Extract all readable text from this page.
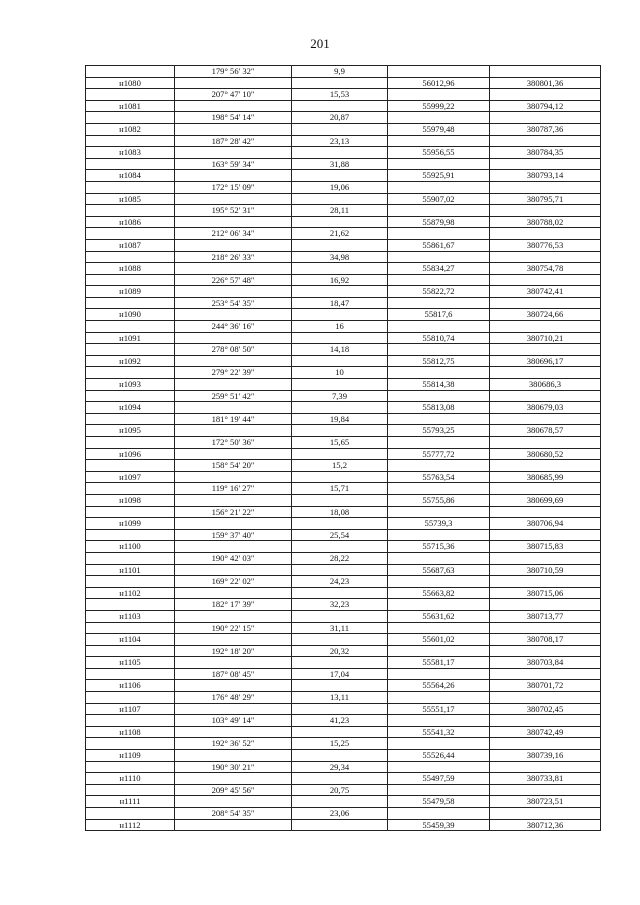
201
	179° 56' 32"	9,9		
н1080			56012,96	380801,36
	207° 47' 10"	15,53		
н1081			55999,22	380794,12
	198° 54' 14"	20,87		
н1082			55979,48	380787,36
	187° 28' 42"	23,13		
н1083			55956,55	380784,35
	163° 59' 34"	31,88		
н1084			55925,91	380793,14
	172° 15' 09"	19,06		
н1085			55907,02	380795,71
	195° 52' 31"	28,11		
н1086			55879,98	380788,02
	212° 06' 34"	21,62		
н1087			55861,67	380776,53
	218° 26' 33"	34,98		
н1088			55834,27	380754,78
	226° 57' 48"	16,92		
н1089			55822,72	380742,41
	253° 54' 35"	18,47		
н1090			55817,6	380724,66
	244° 36' 16"	16		
н1091			55810,74	380710,21
	278° 08' 50"	14,18		
н1092			55812,75	380696,17
	279° 22' 39"	10		
н1093			55814,38	380686,3
	259° 51' 42"	7,39		
н1094			55813,08	380679,03
	181° 19' 44"	19,84		
н1095			55793,25	380678,57
	172° 50' 36"	15,65		
н1096			55777,72	380680,52
	158° 54' 20"	15,2		
н1097			55763,54	380685,99
	119° 16' 27"	15,71		
н1098			55755,86	380699,69
	156° 21' 22"	18,08		
н1099			55739,3	380706,94
	159° 37' 40"	25,54		
н1100			55715,36	380715,83
	190° 42' 03"	28,22		
н1101			55687,63	380710,59
	169° 22' 02"	24,23		
н1102			55663,82	380715,06
	182° 17' 39"	32,23		
н1103			55631,62	380713,77
	190° 22' 15"	31,11		
н1104			55601,02	380708,17
	192° 18' 20"	20,32		
н1105			55581,17	380703,84
	187° 08' 45"	17,04		
н1106			55564,26	380701,72
	176° 48' 29"	13,11		
н1107			55551,17	380702,45
	103° 49' 14"	41,23		
н1108			55541,32	380742,49
	192° 36' 52"	15,25		
н1109			55526,44	380739,16
	190° 30' 21"	29,34		
н1110			55497,59	380733,81
	209° 45' 56"	20,75		
н1111			55479,58	380723,51
	208° 54' 35"	23,06		
н1112			55459,39	380712,36
